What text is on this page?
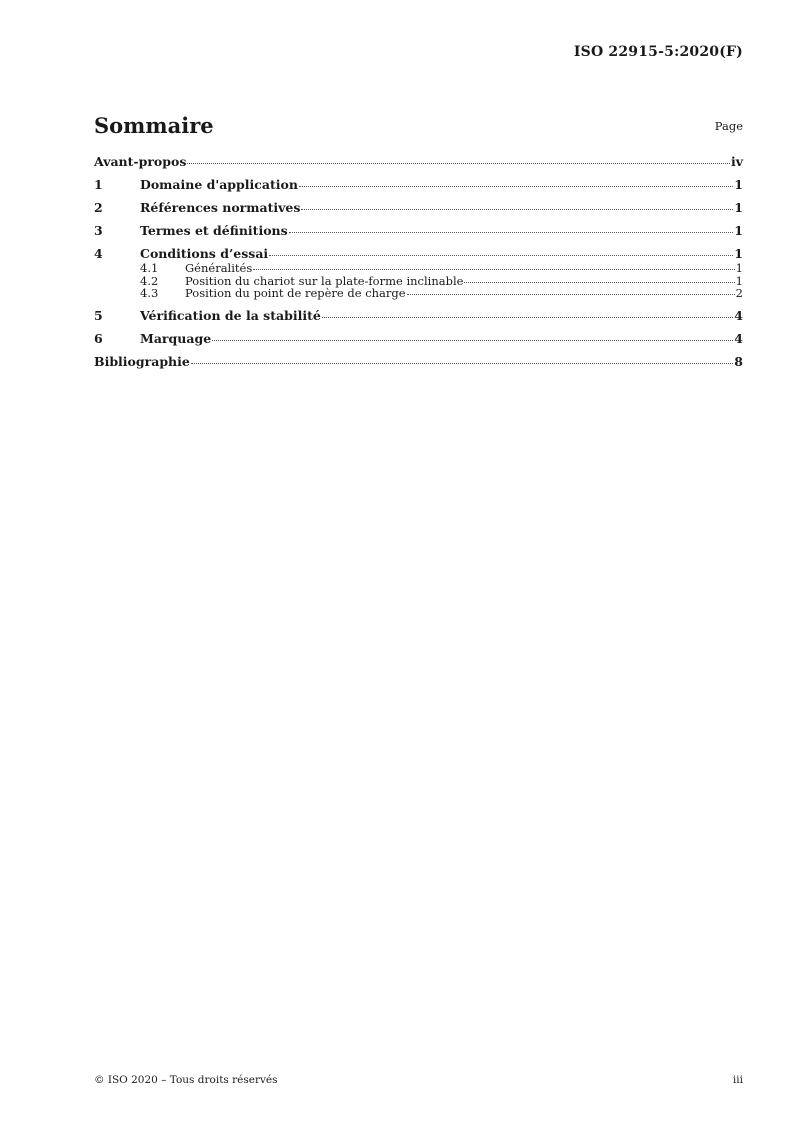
ISO 22915-5:2020(F)
Sommaire	Page
Avant-propos	iv
1	Domaine d'application	1
2	Références normatives	1
3	Termes et définitions	1
4	Conditions d’essai	1
4.1	Généralités	1
4.2	Position du chariot sur la plate-forme inclinable	1
4.3	Position du point de repère de charge	2
5	Vérification de la stabilité	4
6	Marquage	4
Bibliographie	8
© ISO 2020 – Tous droits réservés	iii
